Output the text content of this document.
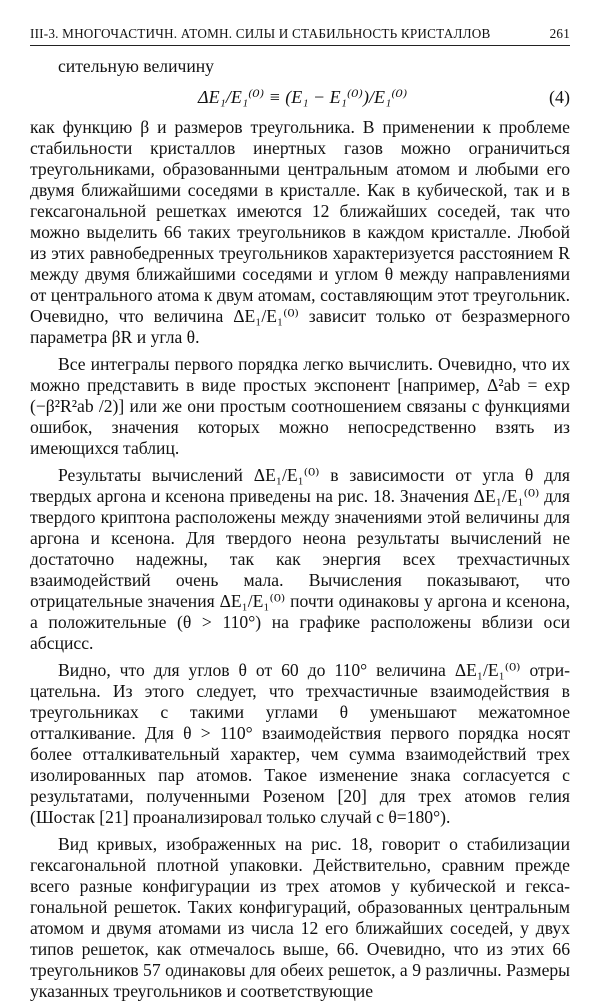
III-3. МНОГОЧАСТИЧН. АТОМН. СИЛЫ И СТАБИЛЬНОСТЬ КРИСТАЛЛОВ	261

сительную величину

ΔE₁/E₁⁽⁰⁾ ≡ (E₁ − E₁⁽⁰⁾)/E₁⁽⁰⁾	(4)

как функцию β и размеров треугольника. В применении к проблеме стабильности кристаллов инертных газов можно ограничиться треугольниками, образованными центральным атомом и любыми его двумя ближайшими соседями в кристалле. Как в кубической, так и в гексагональной решетках имеются 12 ближайших соседей, так что можно выделить 66 таких треугольников в каждом кристалле. Любой из этих равнобедренных треугольников характеризуется расстоянием R между двумя ближайшими соседями и углом θ между направлениями от центрального атома к двум атомам, составляющим этот треугольник. Очевидно, что величина ΔE₁/E₁⁽⁰⁾ зависит только от безразмерного параметра βR и угла θ.

Все интегралы первого порядка легко вычислить. Очевидно, что их можно представить в виде простых экспонент [например, Δ²ab = exp (−β²R²ab /2)] или же они простым соотношением связаны с функциями ошибок, значения которых можно непосредственно взять из имеющихся таблиц.

Результаты вычислений ΔE₁/E₁⁽⁰⁾ в зависимости от угла θ для твердых аргона и ксенона приведены на рис. 18. Значения ΔE₁/E₁⁽⁰⁾ для твердого криптона расположены между значениями этой величины для аргона и ксенона. Для твердого неона результаты вычислений не достаточно надежны, так как энергия всех трехчастичных взаимодействий очень мала. Вычисления показывают, что отрицательные значения ΔE₁/E₁⁽⁰⁾ почти одинаковы у аргона и ксенона, а положительные (θ > 110°) на графике расположены вблизи оси абсцисс.

Видно, что для углов θ от 60 до 110° величина ΔE₁/E₁⁽⁰⁾ отрицательна. Из этого следует, что трехчастичные взаимодействия в треугольниках с такими углами θ уменьшают межатомное отталкивание. Для θ > 110° взаимодействия первого порядка носят более отталкивательный характер, чем сумма взаимодействий трех изолированных пар атомов. Такое изменение знака согласуется с результатами, полученными Розеном [20] для трех атомов гелия (Шостак [21] проанализировал только случай с θ=180°).

Вид кривых, изображенных на рис. 18, говорит о стабилизации гексагональной плотной упаковки. Действительно, сравним прежде всего разные конфигурации из трех атомов у кубической и гексагональной решеток. Таких конфигураций, образованных центральным атомом и двумя атомами из числа 12 его ближайших соседей, у двух типов решеток, как отмечалось выше, 66. Очевидно, что из этих 66 треугольников 57 одинаковы для обеих решеток, а 9 различны. Размеры указанных треугольников и соответствующие
